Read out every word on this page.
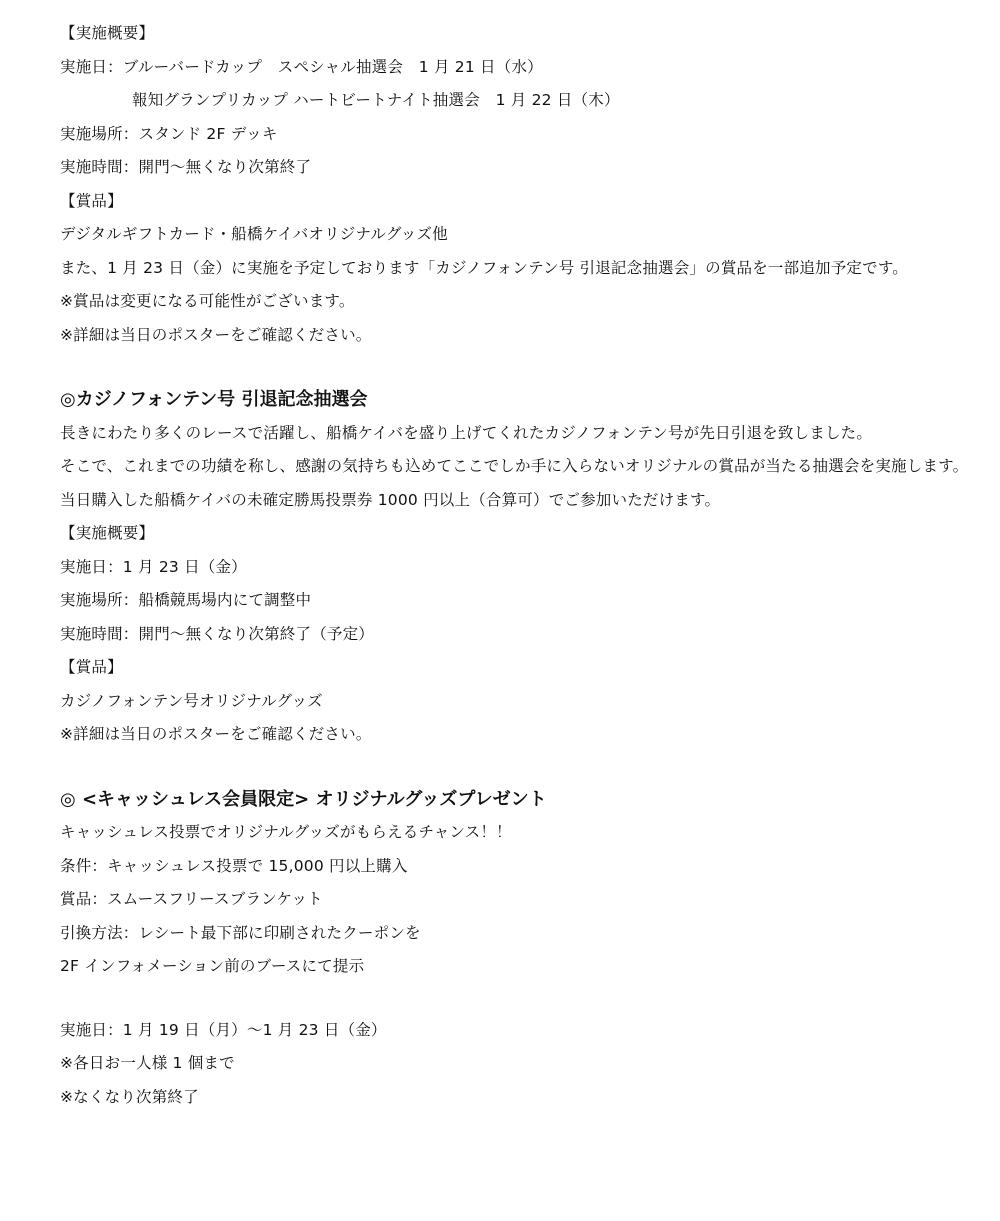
【実施概要】
実施日：ブルーバードカップ　スペシャル抽選会　1 月 21 日（水）
報知グランプリカップ ハートビートナイト抽選会　1 月 22 日（木）
実施場所：スタンド 2F デッキ
実施時間：開門～無くなり次第終了
【賞品】
デジタルギフトカード・船橋ケイバオリジナルグッズ他
また、1 月 23 日（金）に実施を予定しております「カジノフォンテン号 引退記念抽選会」の賞品を一部追加予定です。
※賞品は変更になる可能性がございます。
※詳細は当日のポスターをご確認ください。
◎カジノフォンテン号 引退記念抽選会
長きにわたり多くのレースで活躍し、船橋ケイバを盛り上げてくれたカジノフォンテン号が先日引退を致しました。
そこで、これまでの功績を称し、感謝の気持ちも込めてここでしか手に入らないオリジナルの賞品が当たる抽選会を実施します。
当日購入した船橋ケイバの未確定勝馬投票券 1000 円以上（合算可）でご参加いただけます。
【実施概要】
実施日：1 月 23 日（金）
実施場所：船橋競馬場内にて調整中
実施時間：開門～無くなり次第終了（予定）
【賞品】
カジノフォンテン号オリジナルグッズ
※詳細は当日のポスターをご確認ください。
◎ <キャッシュレス会員限定> オリジナルグッズプレゼント
キャッシュレス投票でオリジナルグッズがもらえるチャンス！！
条件：キャッシュレス投票で 15,000 円以上購入
賞品：スムースフリースブランケット
引換方法：レシート最下部に印刷されたクーポンを
2F インフォメーション前のブースにて提示
実施日：1 月 19 日（月）～1 月 23 日（金）
※各日お一人様 1 個まで
※なくなり次第終了
